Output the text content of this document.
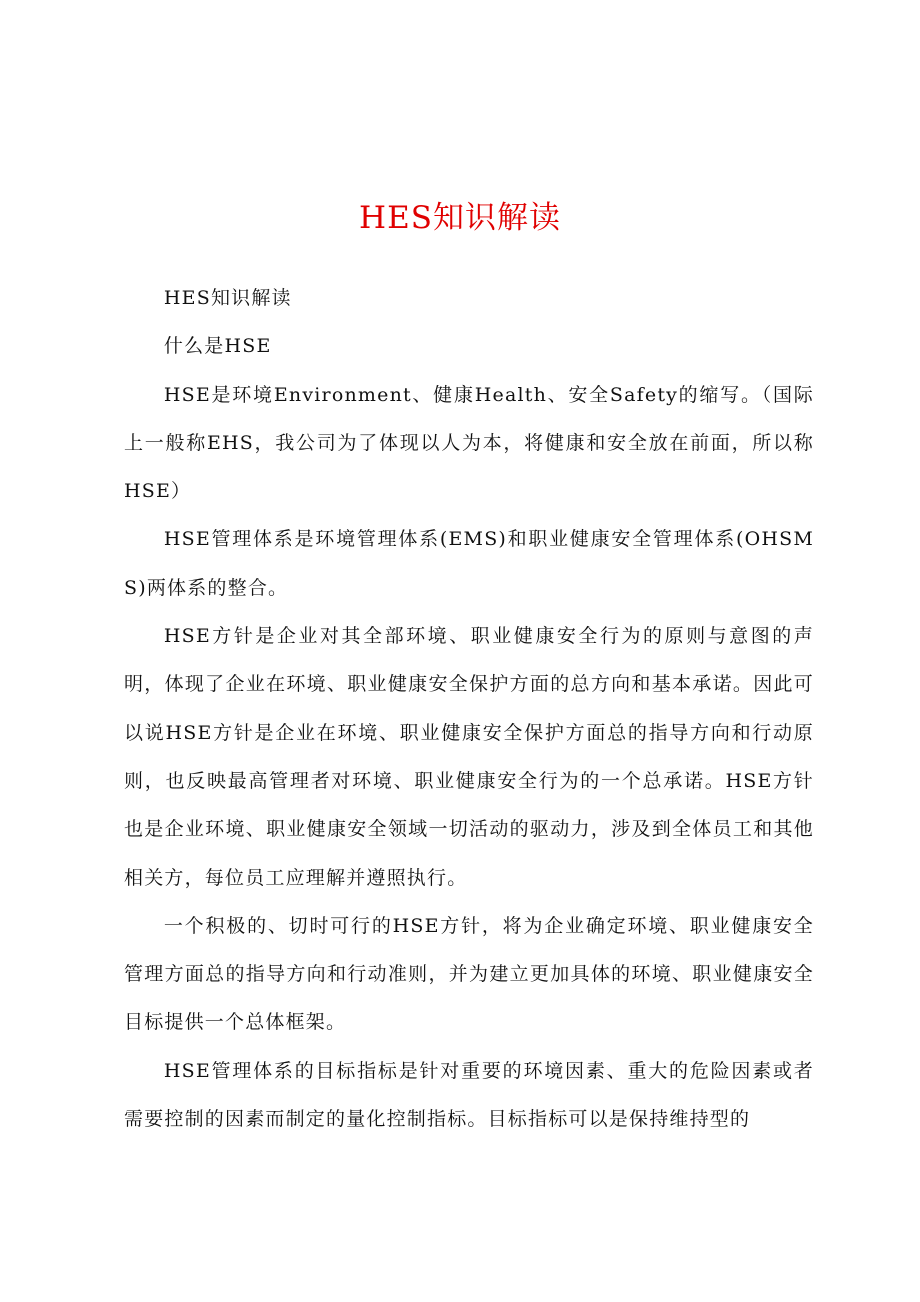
HES知识解读

HES知识解读

什么是HSE

HSE是环境Environment、健康Health、安全Safety的缩写。（国际上一般称EHS，我公司为了体现以人为本，将健康和安全放在前面，所以称HSE）

HSE管理体系是环境管理体系(EMS)和职业健康安全管理体系(OHSMS)两体系的整合。

HSE方针是企业对其全部环境、职业健康安全行为的原则与意图的声明，体现了企业在环境、职业健康安全保护方面的总方向和基本承诺。因此可以说HSE方针是企业在环境、职业健康安全保护方面总的指导方向和行动原则，也反映最高管理者对环境、职业健康安全行为的一个总承诺。HSE方针也是企业环境、职业健康安全领域一切活动的驱动力，涉及到全体员工和其他相关方，每位员工应理解并遵照执行。

一个积极的、切时可行的HSE方针，将为企业确定环境、职业健康安全管理方面总的指导方向和行动准则，并为建立更加具体的环境、职业健康安全目标提供一个总体框架。

HSE管理体系的目标指标是针对重要的环境因素、重大的危险因素或者需要控制的因素而制定的量化控制指标。目标指标可以是保持维持型的
